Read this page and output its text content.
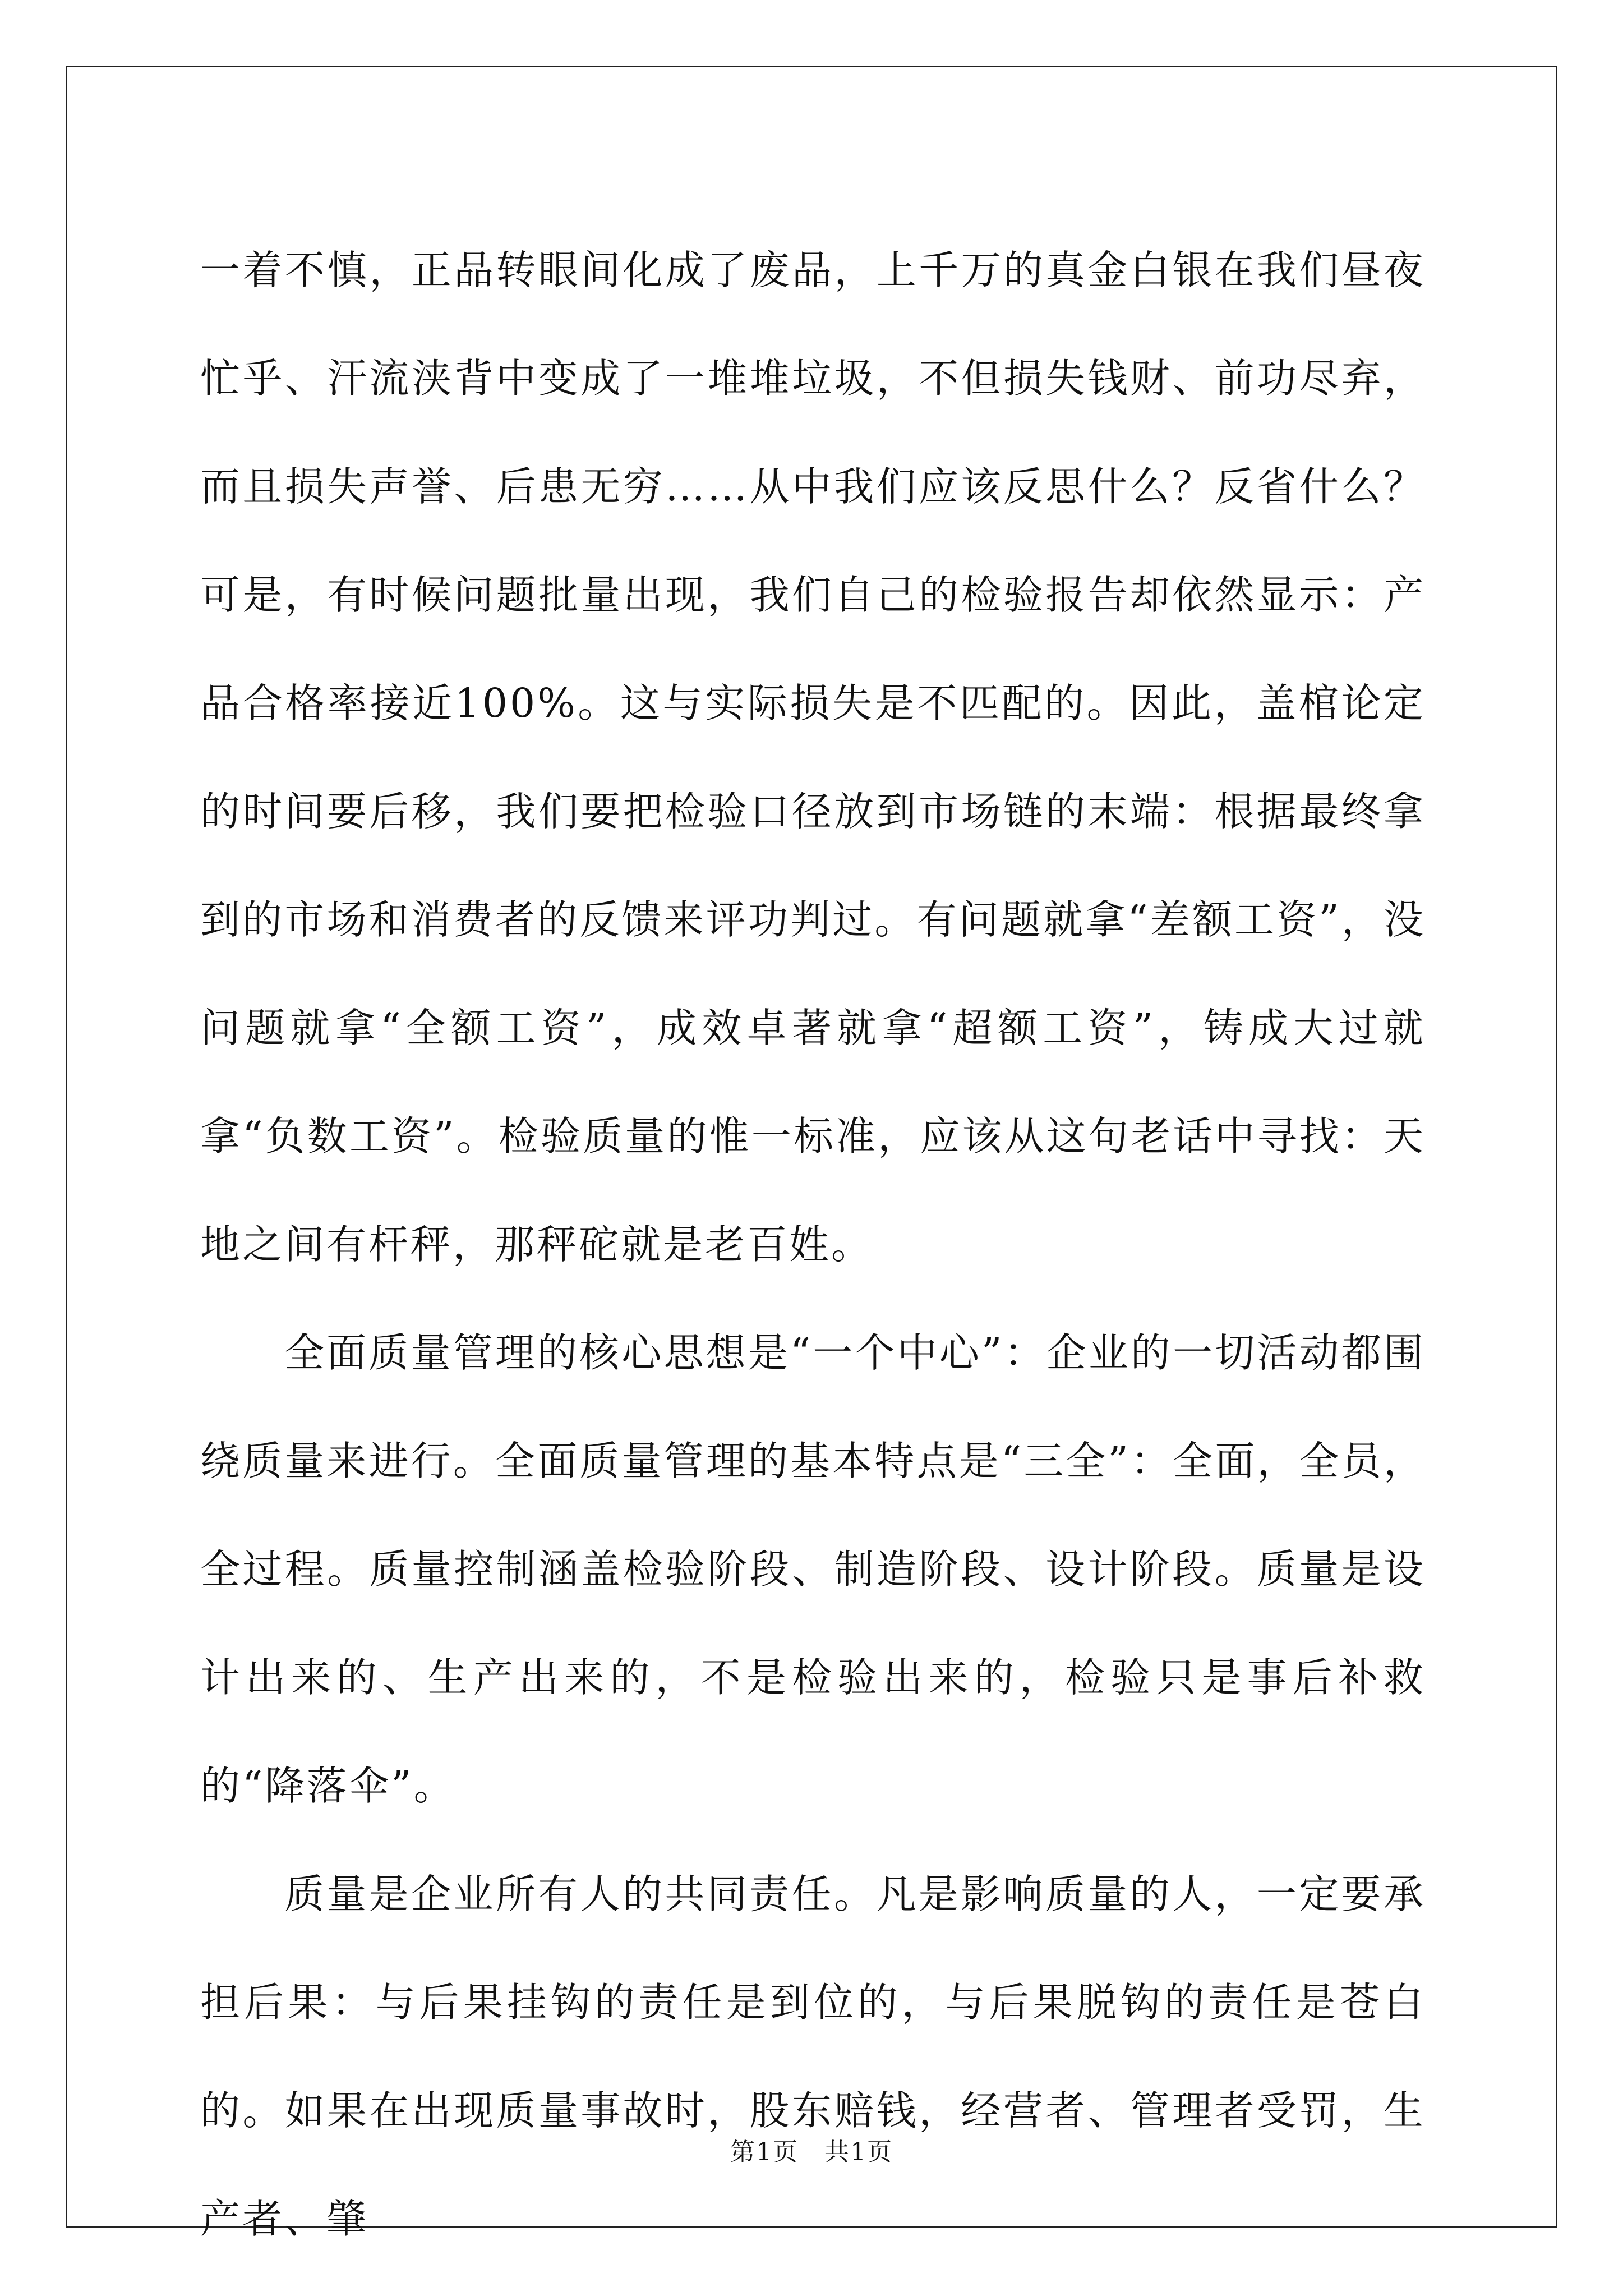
一着不慎，正品转眼间化成了废品，上千万的真金白银在我们昼夜忙乎、汗流浃背中变成了一堆堆垃圾，不但损失钱财、前功尽弃，而且损失声誉、后患无穷……从中我们应该反思什么？反省什么？可是，有时候问题批量出现，我们自己的检验报告却依然显示：产品合格率接近100%。这与实际损失是不匹配的。因此，盖棺论定的时间要后移，我们要把检验口径放到市场链的末端：根据最终拿到的市场和消费者的反馈来评功判过。有问题就拿“差额工资”，没问题就拿“全额工资”，成效卓著就拿“超额工资”，铸成大过就拿“负数工资”。检验质量的惟一标准，应该从这句老话中寻找：天地之间有杆秤，那秤砣就是老百姓。

全面质量管理的核心思想是“一个中心”：企业的一切活动都围绕质量来进行。全面质量管理的基本特点是“三全”：全面，全员，全过程。质量控制涵盖检验阶段、制造阶段、设计阶段。质量是设计出来的、生产出来的，不是检验出来的，检验只是事后补救的“降落伞”。

质量是企业所有人的共同责任。凡是影响质量的人，一定要承担后果：与后果挂钩的责任是到位的，与后果脱钩的责任是苍白的。如果在出现质量事故时，股东赔钱，经营者、管理者受罚，生产者、肇

第1页　共1页
